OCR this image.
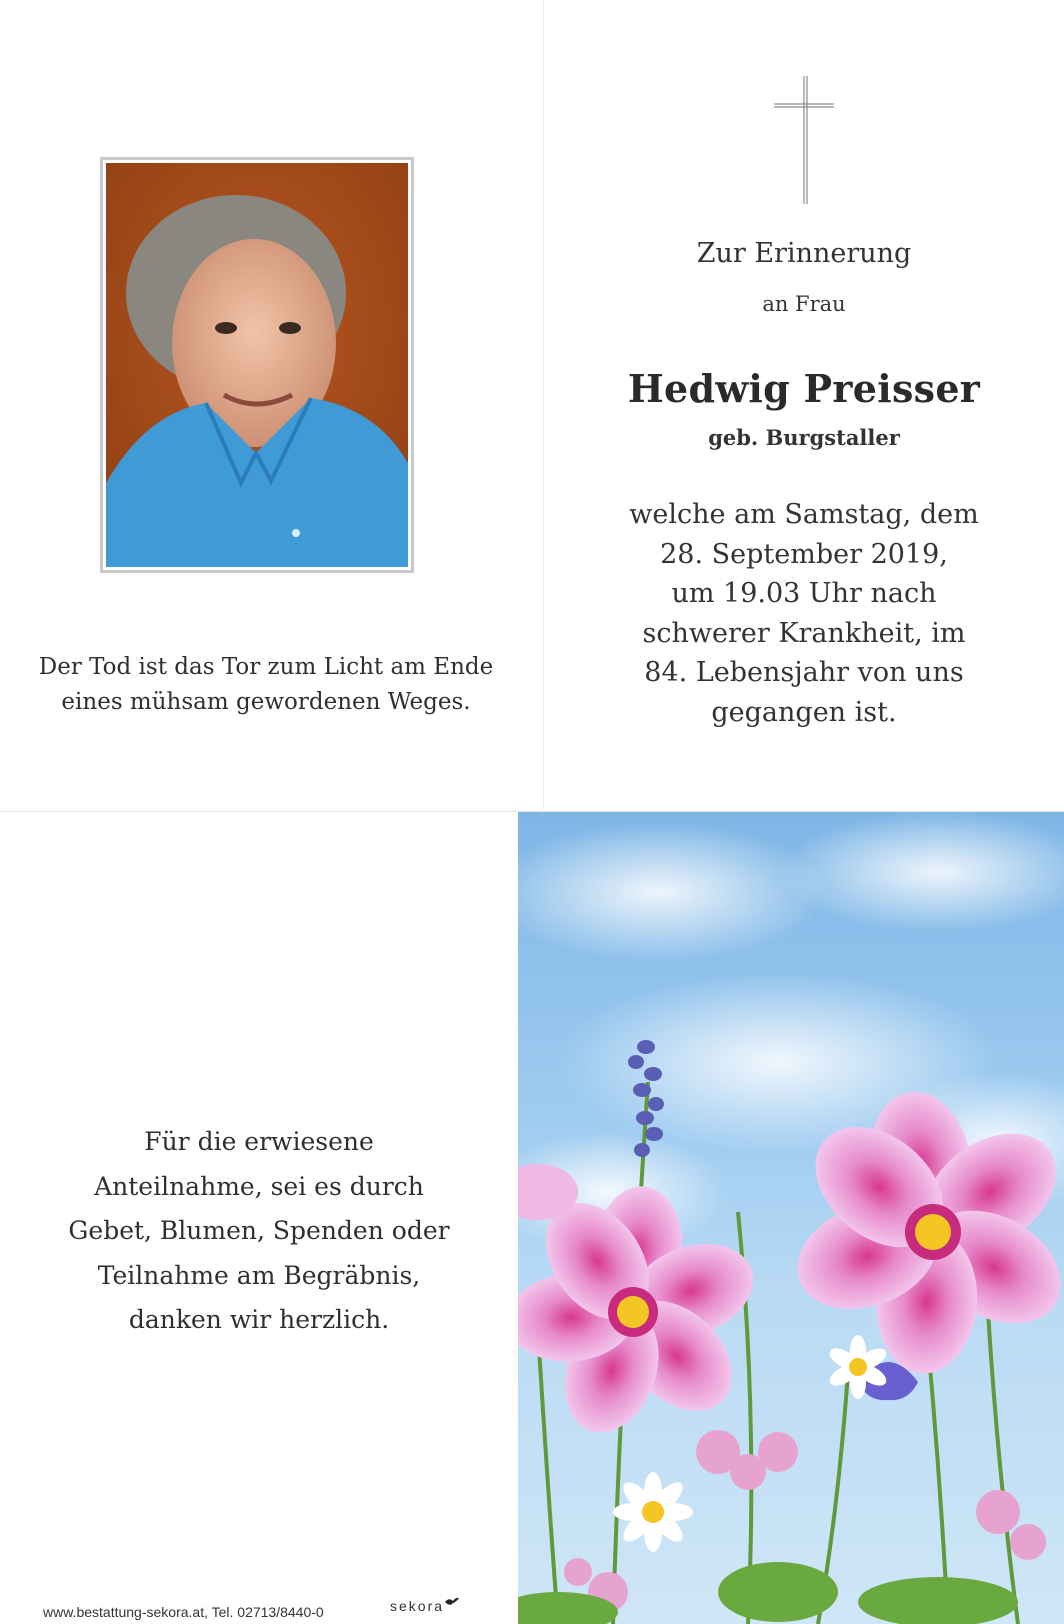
Der Tod ist das Tor zum Licht am Ende
eines mühsam gewordenen Weges.
Zur Erinnerung
an Frau
Hedwig Preisser
geb. Burgstaller
welche am Samstag, dem
28. September 2019,
um 19.03 Uhr nach
schwerer Krankheit, im
84. Lebensjahr von uns
gegangen ist.
Für die erwiesene
Anteilnahme, sei es durch
Gebet, Blumen, Spenden oder
Teilnahme am Begräbnis,
danken wir herzlich.
www.bestattung-sekora.at, Tel. 02713/8440-0	sekora
